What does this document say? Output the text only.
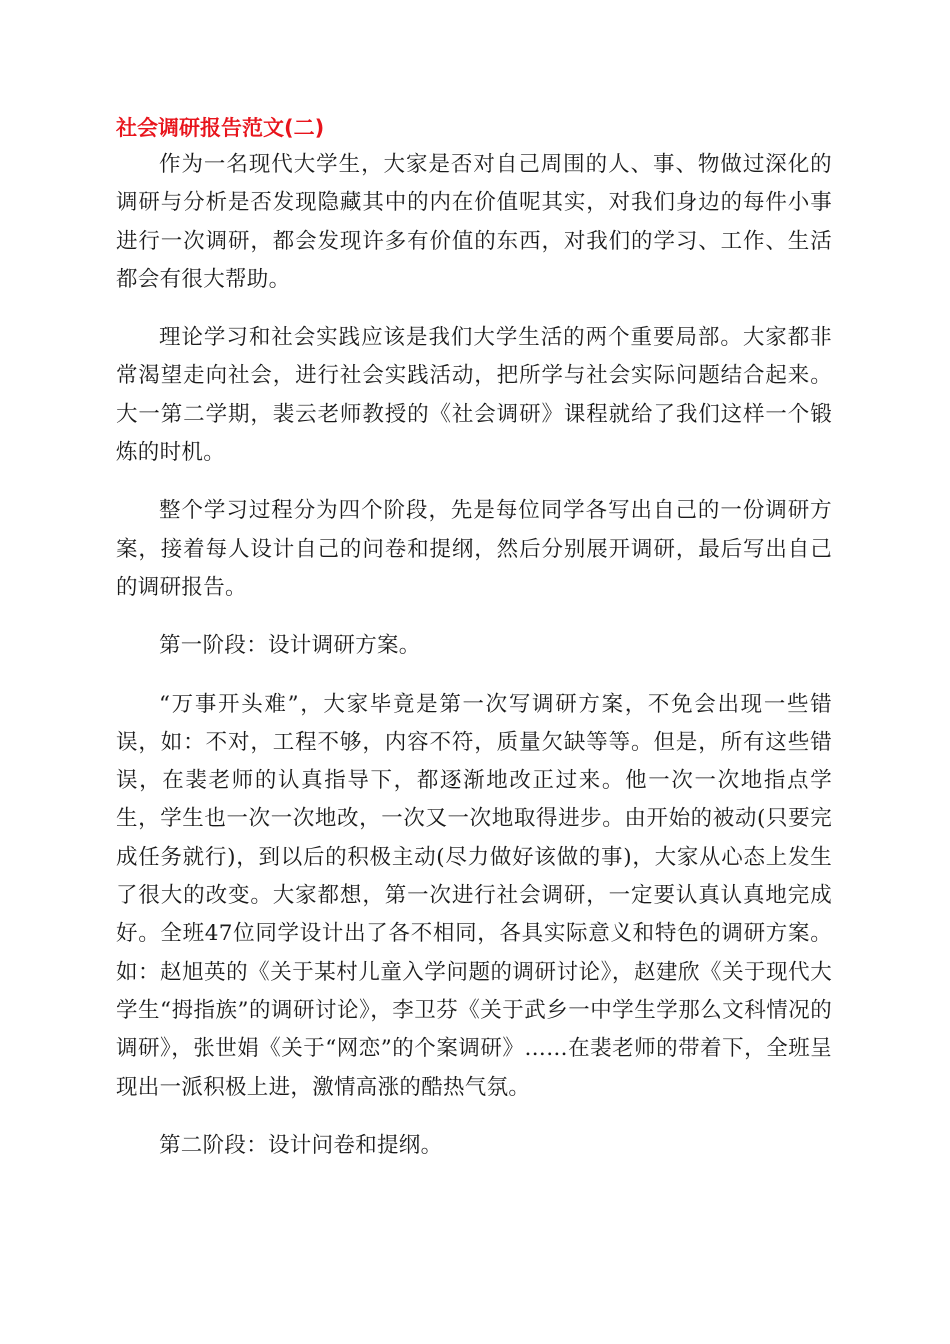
社会调研报告范文(二)

作为一名现代大学生，大家是否对自己周围的人、事、物做过深化的调研与分析是否发现隐藏其中的内在价值呢其实，对我们身边的每件小事进行一次调研，都会发现许多有价值的东西，对我们的学习、工作、生活都会有很大帮助。

理论学习和社会实践应该是我们大学生活的两个重要局部。大家都非常渴望走向社会，进行社会实践活动，把所学与社会实际问题结合起来。大一第二学期，裴云老师教授的《社会调研》课程就给了我们这样一个锻炼的时机。

整个学习过程分为四个阶段，先是每位同学各写出自己的一份调研方案，接着每人设计自己的问卷和提纲，然后分别展开调研，最后写出自己的调研报告。

第一阶段：设计调研方案。

“万事开头难”，大家毕竟是第一次写调研方案，不免会出现一些错误，如：不对，工程不够，内容不符，质量欠缺等等。但是，所有这些错误，在裴老师的认真指导下，都逐渐地改正过来。他一次一次地指点学生，学生也一次一次地改，一次又一次地取得进步。由开始的被动(只要完成任务就行)，到以后的积极主动(尽力做好该做的事)，大家从心态上发生了很大的改变。大家都想，第一次进行社会调研，一定要认真认真地完成好。全班47位同学设计出了各不相同，各具实际意义和特色的调研方案。如：赵旭英的《关于某村儿童入学问题的调研讨论》，赵建欣《关于现代大学生“拇指族”的调研讨论》，李卫芬《关于武乡一中学生学那么文科情况的调研》，张世娟《关于“网恋”的个案调研》……在裴老师的带着下，全班呈现出一派积极上进，激情高涨的酷热气氛。

第二阶段：设计问卷和提纲。
